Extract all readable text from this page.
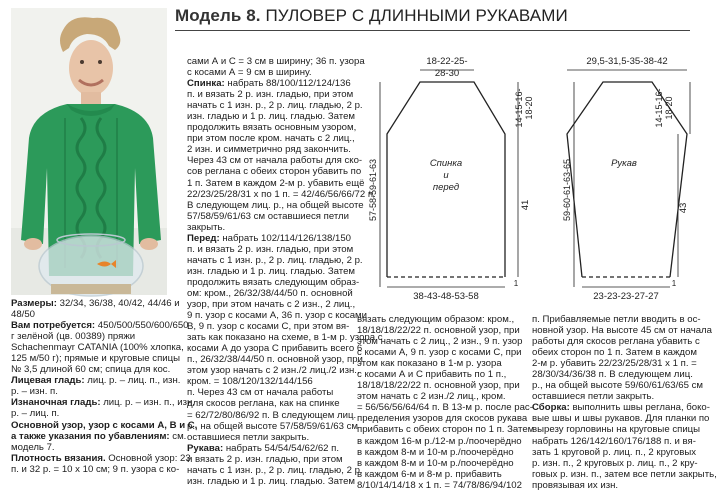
Модель 8. ПУЛОВЕР С ДЛИННЫМИ РУКАВАМИ

Размеры: 32/34, 36/38, 40/42, 44/46 и

48/50

Вам потребуется: 450/500/550/600/650

г зелёной (цв. 00389) пряжи

Schachenmayr CATANIA (100% хлопка,

125 м/50 г); прямые и круговые спицы

№ 3,5 длиной 60 см; спица для кос.

Лицевая гладь: лиц. р. – лиц. п., изн.

р. – изн. п.

Изнаночная гладь: лиц. р. – изн. п., изн.

р. – лиц. п.

Основной узор, узор с косами А, В и С,

а также указания по убавлениям: см.

модель 7.

Плотность вязания. Основной узор: 23

п. и 32 р. = 10 х 10 см; 9 п. узора с ко-

сами А и С = 3 см в ширину; 36 п. узора

с косами А = 9 см в ширину.

Спинка: набрать 88/100/112/124/136

п. и вязать 2 р. изн. гладью, при этом

начать с 1 изн. р., 2 р. лиц. гладью, 2 р.

изн. гладью и 1 р. лиц. гладью. Затем

продолжить вязать основным узором,

при этом после кром. начать с 2 лиц.,

2 изн. и симметрично ряд закончить.

Через 43 см от начала работы для ско-

сов реглана с обеих сторон убавить по

1 п. Затем в каждом 2-м р. убавить ещё

22/23/25/28/31 х по 1 п. = 42/46/56/66/72 п.

В следующем лиц. р., на общей высоте

57/58/59/61/63 см оставшиеся петли

закрыть.

Перед: набрать 102/114/126/138/150

п. и вязать 2 р. изн. гладью, при этом

начать с 1 изн. р., 2 р. лиц. гладью, 2 р.

изн. гладью и 1 р. лиц. гладью. Затем

продолжить вязать следующим образ-

ом: кром., 26/32/38/44/50 п. основной

узор, при этом начать с 2 изн., 2 лиц.,

9 п. узор с косами А, 36 п. узор с косами

В, 9 п. узор с косами С, при этом вя-

зать как показано на схеме, в 1-м р. узора с

косами А до узора С прибавить всего 6

п., 26/32/38/44/50 п. основной узор, при

этом узор начать с 2 изн./2 лиц./2 изн.,

кром. = 108/120/132/144/156

п. Через 43 см от начала работы

для скосов реглана, как на спинке

= 62/72/80/86/92 п. В следующем лиц.

р., на общей высоте 57/58/59/61/63 см

оставшиеся петли закрыть.

Рукава: набрать 54/54/54/62/62 п.

и вязать 2 р. изн. гладью, при этом

начать с 1 изн. р., 2 р. лиц. гладью, 2 р.

изн. гладью и 1 р. лиц. гладью. Затем

вязать следующим образом: кром.,

18/18/18/22/22 п. основной узор, при

этом начать с 2 лиц., 2 изн., 9 п. узор

с косами А, 9 п. узор с косами С, при

этом как показано в 1-м р. узора

с косами А и С прибавить по 1 п.,

18/18/18/22/22 п. основной узор, при

этом начать с 2 изн./2 лиц., кром.

= 56/56/56/64/64 п. В 13-м р. после рас-

пределения узоров для скосов рукава

прибавить с обеих сторон по 1 п. Затем

в каждом 16-м р./12-м р./поочерёдно

в каждом 8-м и 10-м р./поочерёдно

в каждом 8-м и 10-м р./поочерёдно

в каждом 6-м и 8-м р. прибавить

8/10/14/14/18 х 1 п. = 74/78/86/94/102

п. Прибавляемые петли вводить в ос-

новной узор. На высоте 45 см от начала

работы для скосов реглана убавить с

обеих сторон по 1 п. Затем в каждом

2-м р. убавить 22/23/25/28/31 х 1 п. =

28/30/34/36/38 п. В следующем лиц.

р., на общей высоте 59/60/61/63/65 см

оставшиеся петли закрыть.

Сборка: выполнить швы реглана, боко-

вые швы и швы рукавов. Для планки по

вырезу горловины на круговые спицы

набрать 126/142/160/176/188 п. и вя-

зать 1 круговой р. лиц. п., 2 круговых

р. изн. п., 2 круговых р. лиц. п., 2 кру-

говых р. изн. п., затем все петли закрыть,

провязывая их изн.

18-22-25-
28-30
14-15-16- 18-20
57-58-59-61-63	Спинка
и
перед
41
1
38-43-48-53-58
29,5-31,5-35-38-42
14-15-16- 18-20
59-60-61-63-65	Рукав
43
1
23-23-23-27-27
